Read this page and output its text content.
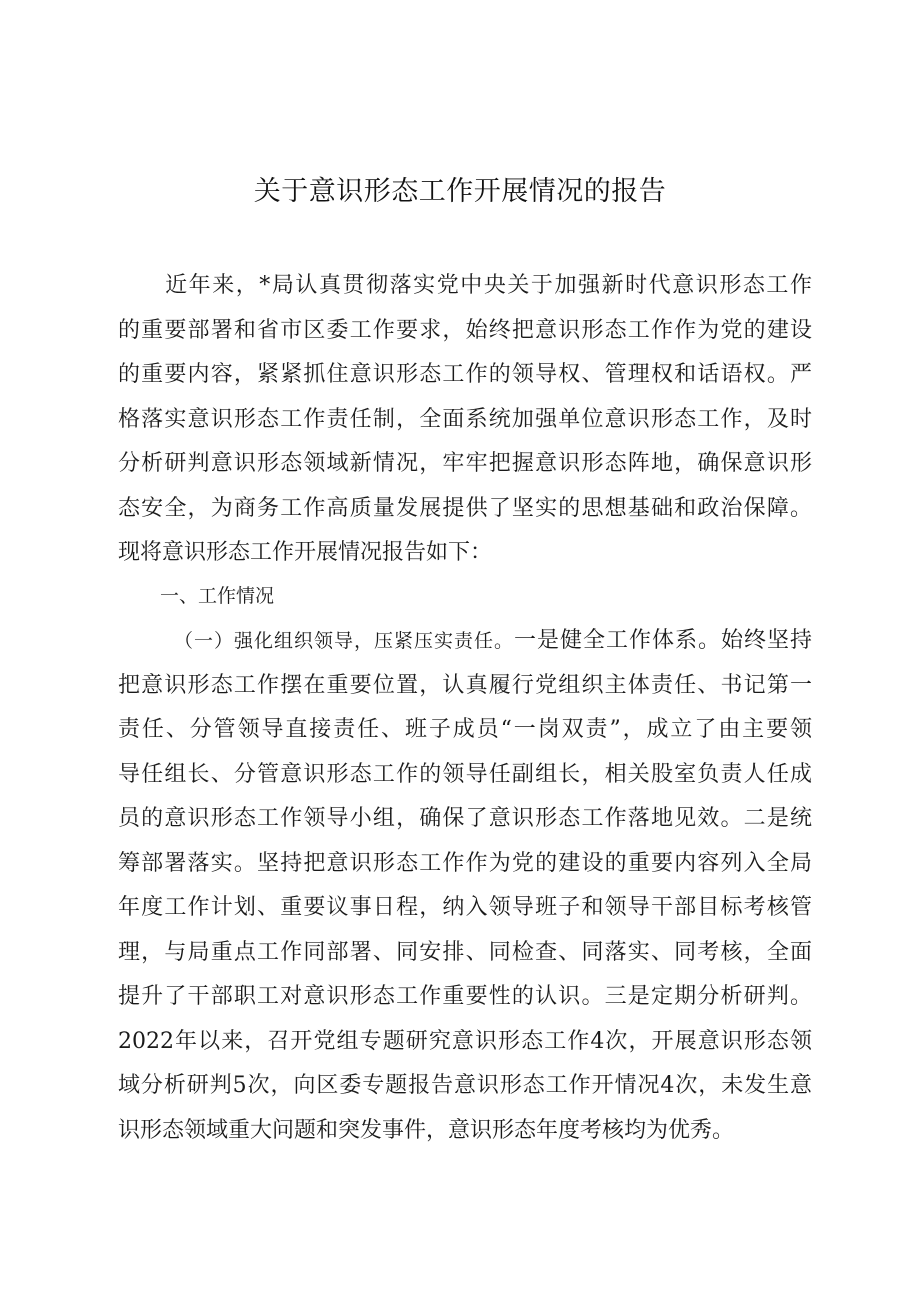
关于意识形态工作开展情况的报告
　　近年来，*局认真贯彻落实党中央关于加强新时代意识形态工作
的重要部署和省市区委工作要求，始终把意识形态工作作为党的建设
的重要内容，紧紧抓住意识形态工作的领导权、管理权和话语权。严
格落实意识形态工作责任制，全面系统加强单位意识形态工作，及时
分析研判意识形态领域新情况，牢牢把握意识形态阵地，确保意识形
态安全，为商务工作高质量发展提供了坚实的思想基础和政治保障。
现将意识形态工作开展情况报告如下：
一、工作情况
（一）强化组织领导，压紧压实责任。一是健全工作体系。始终坚持
把意识形态工作摆在重要位置，认真履行党组织主体责任、书记第一
责任、分管领导直接责任、班子成员“一岗双责”，成立了由主要领
导任组长、分管意识形态工作的领导任副组长，相关股室负责人任成
员的意识形态工作领导小组，确保了意识形态工作落地见效。二是统
筹部署落实。坚持把意识形态工作作为党的建设的重要内容列入全局
年度工作计划、重要议事日程，纳入领导班子和领导干部目标考核管
理，与局重点工作同部署、同安排、同检查、同落实、同考核，全面
提升了干部职工对意识形态工作重要性的认识。三是定期分析研判。
2022年以来，召开党组专题研究意识形态工作4次，开展意识形态领
域分析研判5次，向区委专题报告意识形态工作开情况4次，未发生意
识形态领域重大问题和突发事件，意识形态年度考核均为优秀。
